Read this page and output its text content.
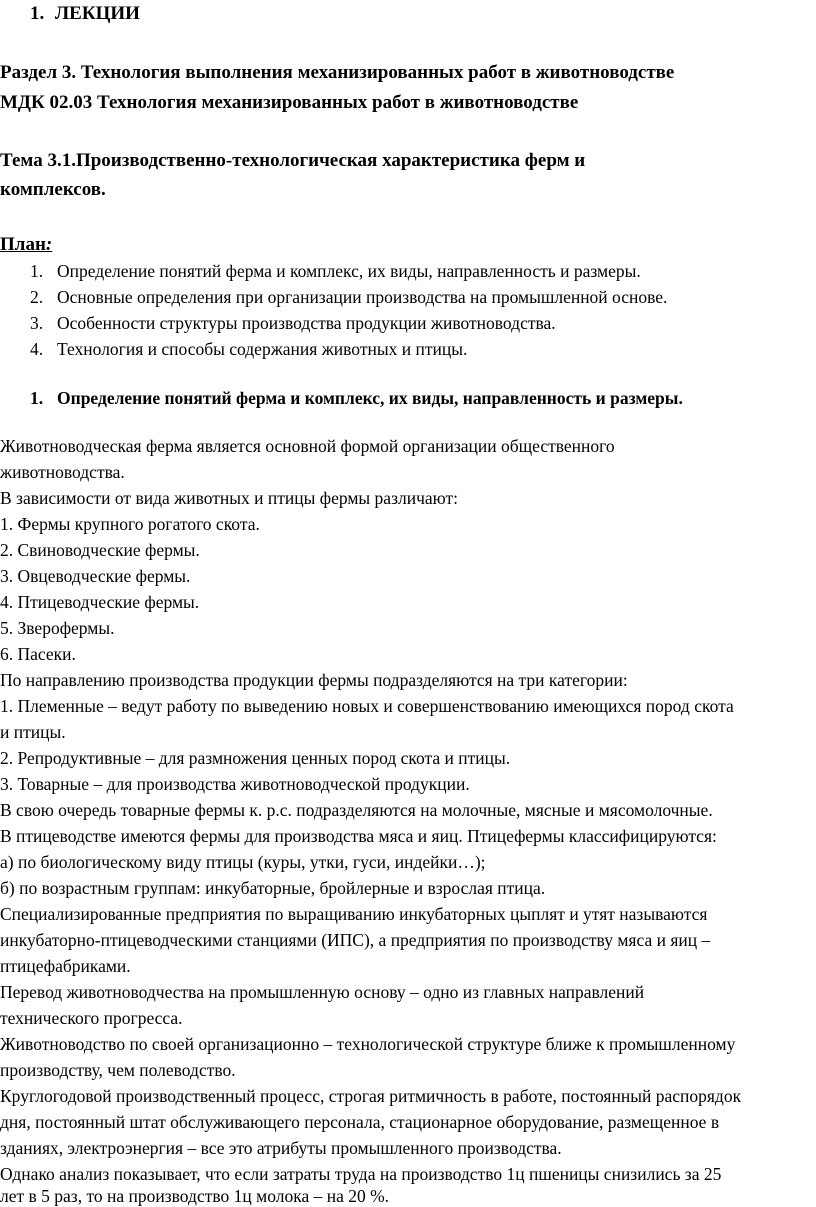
1. ЛЕКЦИИ
Раздел 3. Технология выполнения механизированных работ в животноводстве
МДК 02.03 Технология механизированных работ в животноводстве
Тема 3.1.Производственно-технологическая характеристика ферм и
комплексов.
План:
1. Определение понятий ферма и комплекс, их виды, направленность и размеры.
2. Основные определения при организации производства на промышленной основе.
3. Особенности структуры производства продукции животноводства.
4. Технология и способы содержания животных и птицы.
1. Определение понятий ферма и комплекс, их виды, направленность и размеры.
Животноводческая ферма является основной формой организации общественного
животноводства.
В зависимости от вида животных и птицы фермы различают:
1. Фермы крупного рогатого скота.
2. Свиноводческие фермы.
3. Овцеводческие фермы.
4. Птицеводческие фермы.
5. Зверофермы.
6. Пасеки.
По направлению производства продукции фермы подразделяются на три категории:
1. Племенные – ведут работу по выведению новых и совершенствованию имеющихся пород скота
и птицы.
2. Репродуктивные – для размножения ценных пород скота и птицы.
3. Товарные – для производства животноводческой продукции.
В свою очередь товарные фермы к. р.с. подразделяются на молочные, мясные и мясомолочные.
В птицеводстве имеются фермы для производства мяса и яиц. Птицефермы классифицируются:
а) по биологическому виду птицы (куры, утки, гуси, индейки…);
б) по возрастным группам: инкубаторные, бройлерные и взрослая птица.
Специализированные предприятия по выращиванию инкубаторных цыплят и утят называются
инкубаторно-птицеводческими станциями (ИПС), а предприятия по производству мяса и яиц –
птицефабриками.
Перевод животноводчества на промышленную основу – одно из главных направлений
технического прогресса.
Животноводство по своей организационно – технологической структуре ближе к промышленному
производству, чем полеводство.
Круглогодовой производственный процесс, строгая ритмичность в работе, постоянный распорядок
дня, постоянный штат обслуживающего персонала, стационарное оборудование, размещенное в
зданиях, электроэнергия – все это атрибуты промышленного производства.
Однако анализ показывает, что если затраты труда на производство 1ц пшеницы снизились за 25
лет в 5 раз, то на производство 1ц молока – на 20 %.
